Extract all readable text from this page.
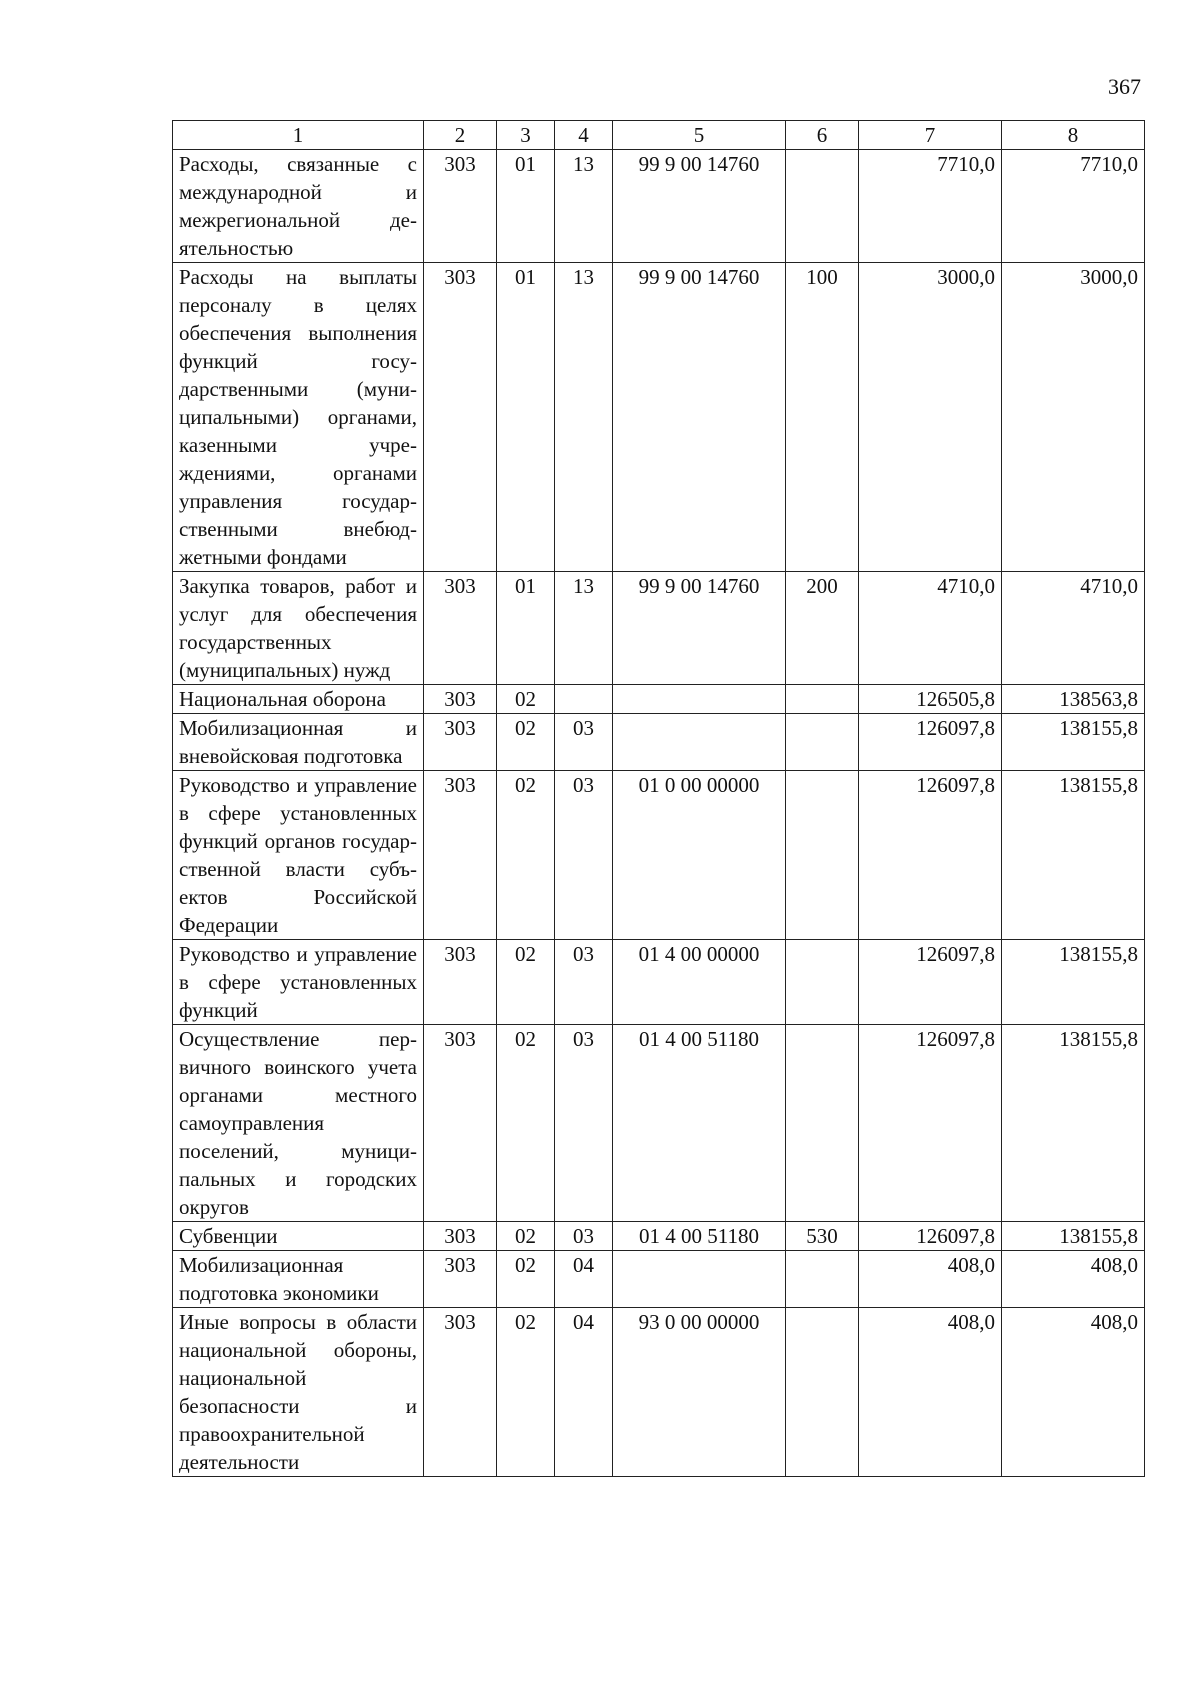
367
1	2	3	4	5	6	7	8
Расходы, связанные с международной и межрегиональной деятельностью	303	01	13	99 9 00 14760		7710,0	7710,0
Расходы на выплаты персоналу в целях обеспечения выполнения функций государственными (муниципальными) органами, казенными учреждениями, органами управления государственными внебюджетными фондами	303	01	13	99 9 00 14760	100	3000,0	3000,0
Закупка товаров, работ и услуг для обеспечения государственных (муниципальных) нужд	303	01	13	99 9 00 14760	200	4710,0	4710,0
Национальная оборона	303	02				126505,8	138563,8
Мобилизационная и вневойсковая подготовка	303	02	03			126097,8	138155,8
Руководство и управление в сфере установленных функций органов государственной власти субъектов Российской Федерации	303	02	03	01 0 00 00000		126097,8	138155,8
Руководство и управление в сфере установленных функций	303	02	03	01 4 00 00000		126097,8	138155,8
Осуществление первичного воинского учета органами местного самоуправления поселений, муниципальных и городских округов	303	02	03	01 4 00 51180		126097,8	138155,8
Субвенции	303	02	03	01 4 00 51180	530	126097,8	138155,8
Мобилизационная подготовка экономики	303	02	04			408,0	408,0
Иные вопросы в области национальной обороны, национальной безопасности и правоохранительной деятельности	303	02	04	93 0 00 00000		408,0	408,0
